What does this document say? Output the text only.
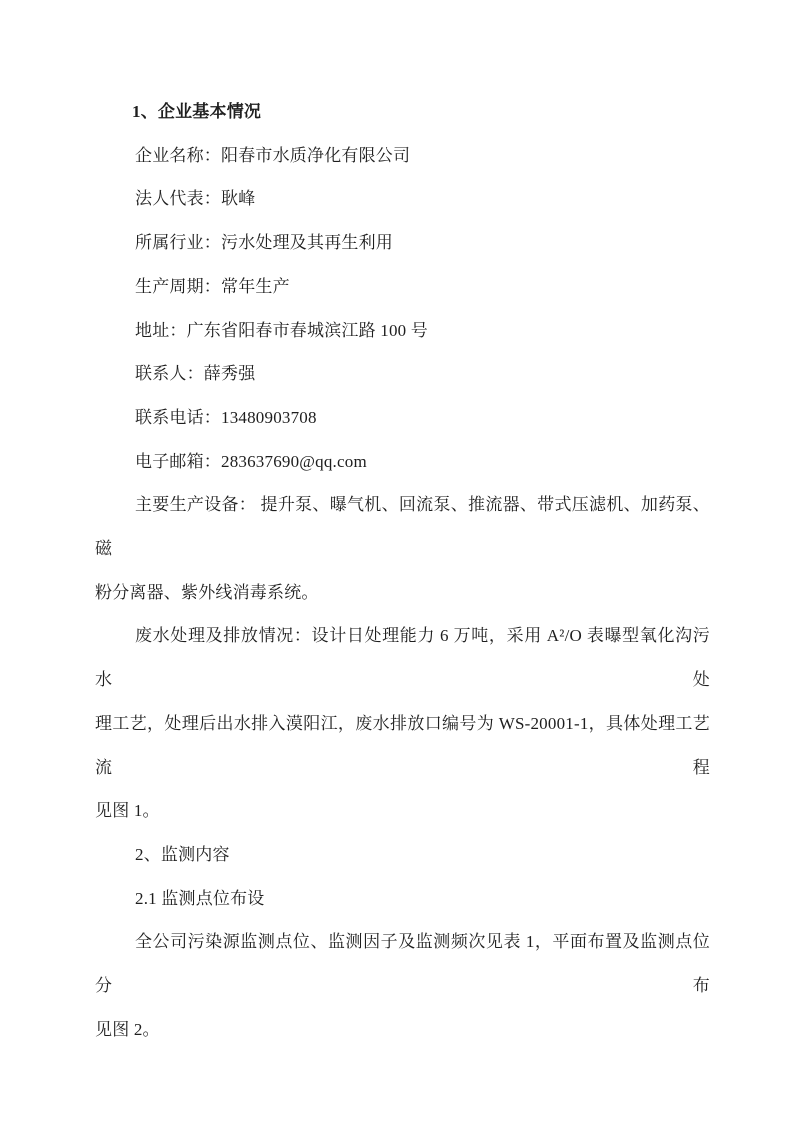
1、企业基本情况
企业名称：阳春市水质净化有限公司
法人代表：耿峰
所属行业：污水处理及其再生利用
生产周期：常年生产
地址：广东省阳春市春城滨江路 100 号
联系人：薛秀强
联系电话：13480903708
电子邮箱：283637690@qq.com
主要生产设备： 提升泵、曝气机、回流泵、推流器、带式压滤机、加药泵、磁
粉分离器、紫外线消毒系统。
废水处理及排放情况：设计日处理能力 6 万吨，采用 A²/O 表曝型氧化沟污水处
理工艺，处理后出水排入漠阳江，废水排放口编号为 WS-20001-1，具体处理工艺流程
见图 1。
2、监测内容
2.1 监测点位布设
全公司污染源监测点位、监测因子及监测频次见表 1，平面布置及监测点位分布
见图 2。
